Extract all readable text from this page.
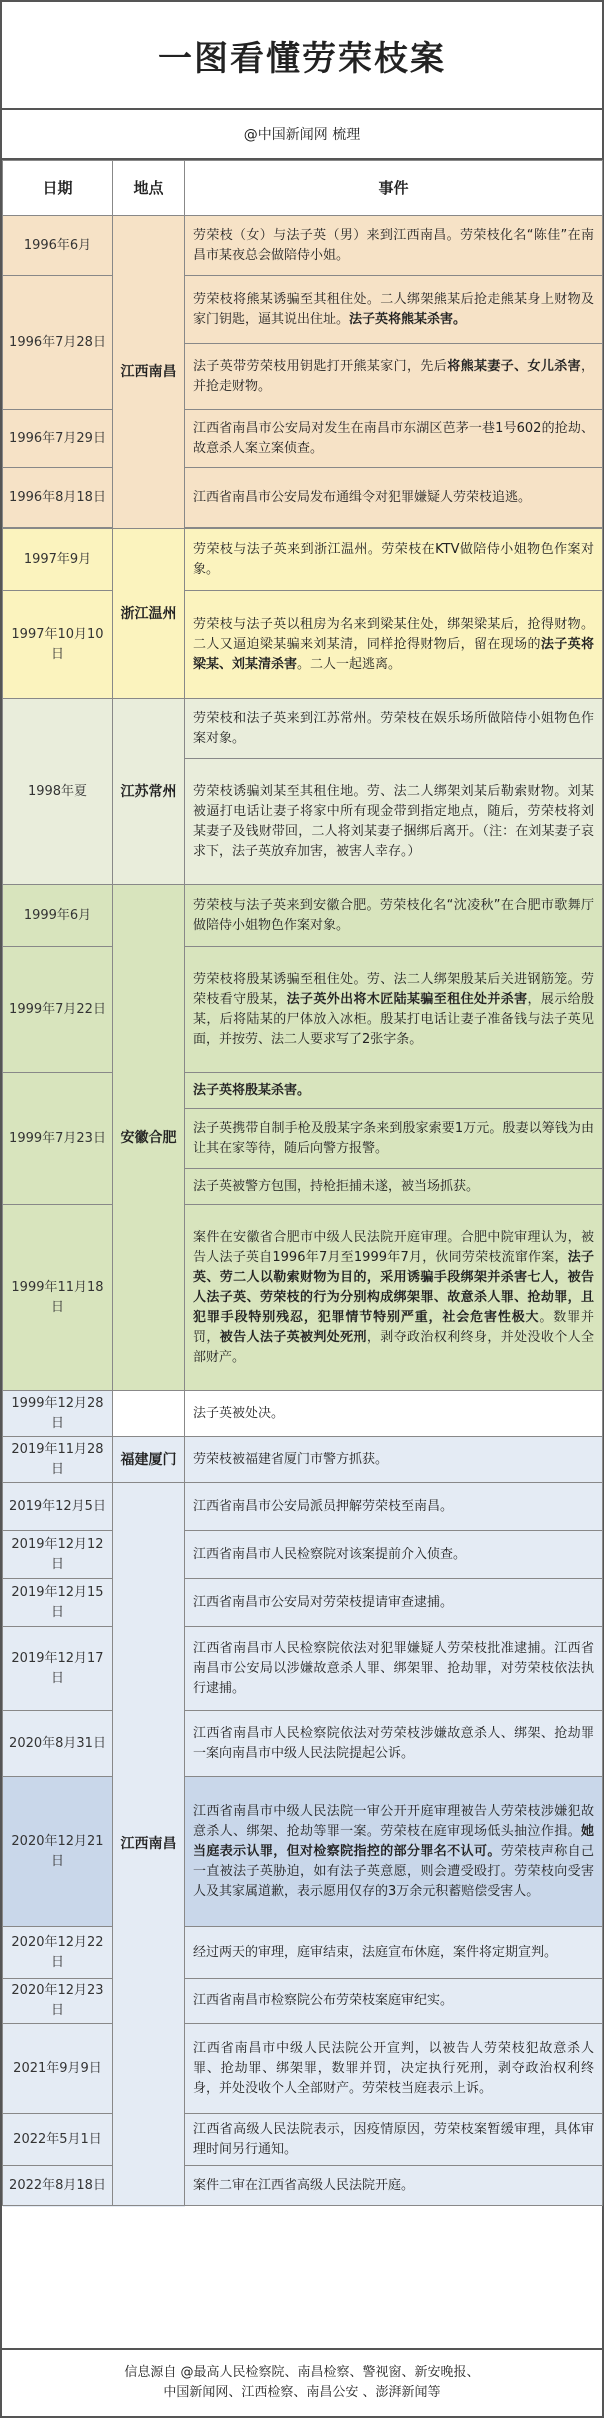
一图看懂劳荣枝案
@中国新闻网 梳理
日期	地点	事件
1996年6月	江西南昌	劳荣枝（女）与法子英（男）来到江西南昌。劳荣枝化名“陈佳”在南昌市某夜总会做陪侍小姐。
1996年7月28日		劳荣枝将熊某诱骗至其租住处。二人绑架熊某后抢走熊某身上财物及家门钥匙，逼其说出住址。法子英将熊某杀害。
		法子英带劳荣枝用钥匙打开熊某家门，先后将熊某妻子、女儿杀害，并抢走财物。
1996年7月29日		江西省南昌市公安局对发生在南昌市东湖区芭茅一巷1号602的抢劫、故意杀人案立案侦查。
1996年8月18日		江西省南昌市公安局发布通缉令对犯罪嫌疑人劳荣枝追逃。

1997年9月	浙江温州	劳荣枝与法子英来到浙江温州。劳荣枝在KTV做陪侍小姐物色作案对象。
1997年10月10日		劳荣枝与法子英以租房为名来到梁某住处，绑架梁某后，抢得财物。二人又逼迫梁某骗来刘某清，同样抢得财物后，留在现场的法子英将梁某、刘某清杀害。二人一起逃离。
1998年夏	江苏常州	劳荣枝和法子英来到江苏常州。劳荣枝在娱乐场所做陪侍小姐物色作案对象。
		劳荣枝诱骗刘某至其租住地。劳、法二人绑架刘某后勒索财物。刘某被逼打电话让妻子将家中所有现金带到指定地点，随后，劳荣枝将刘某妻子及钱财带回，二人将刘某妻子捆绑后离开。（注：在刘某妻子哀求下，法子英放弃加害，被害人幸存。）
1999年6月	安徽合肥	劳荣枝与法子英来到安徽合肥。劳荣枝化名“沈凌秋”在合肥市歌舞厅做陪侍小姐物色作案对象。
1999年7月22日		劳荣枝将殷某诱骗至租住处。劳、法二人绑架殷某后关进钢筋笼。劳荣枝看守殷某，法子英外出将木匠陆某骗至租住处并杀害，展示给殷某，后将陆某的尸体放入冰柜。殷某打电话让妻子准备钱与法子英见面，并按劳、法二人要求写了2张字条。
1999年7月23日		法子英将殷某杀害。
		法子英携带自制手枪及殷某字条来到殷家索要1万元。殷妻以筹钱为由让其在家等待，随后向警方报警。
		法子英被警方包围，持枪拒捕未遂，被当场抓获。
1999年11月18日		案件在安徽省合肥市中级人民法院开庭审理。合肥中院审理认为，被告人法子英自1996年7月至1999年7月，伙同劳荣枝流窜作案，法子英、劳二人以勒索财物为目的，采用诱骗手段绑架并杀害七人，被告人法子英、劳荣枝的行为分别构成绑架罪、故意杀人罪、抢劫罪，且犯罪手段特别残忍，犯罪情节特别严重，社会危害性极大。数罪并罚，被告人法子英被判处死刑，剥夺政治权利终身，并处没收个人全部财产。
1999年12月28日		法子英被处决。
2019年11月28日	福建厦门	劳荣枝被福建省厦门市警方抓获。
2019年12月5日	江西南昌	江西省南昌市公安局派员押解劳荣枝至南昌。
2019年12月12日		江西省南昌市人民检察院对该案提前介入侦查。
2019年12月15日		江西省南昌市公安局对劳荣枝提请审查逮捕。
2019年12月17日		江西省南昌市人民检察院依法对犯罪嫌疑人劳荣枝批准逮捕。江西省南昌市公安局以涉嫌故意杀人罪、绑架罪、抢劫罪，对劳荣枝依法执行逮捕。
2020年8月31日		江西省南昌市人民检察院依法对劳荣枝涉嫌故意杀人、绑架、抢劫罪一案向南昌市中级人民法院提起公诉。
2020年12月21日		江西省南昌市中级人民法院一审公开开庭审理被告人劳荣枝涉嫌犯故意杀人、绑架、抢劫等罪一案。劳荣枝在庭审现场低头抽泣作揖。她当庭表示认罪，但对检察院指控的部分罪名不认可。劳荣枝声称自己一直被法子英胁迫，如有法子英意愿，则会遭受殴打。劳荣枝向受害人及其家属道歉，表示愿用仅存的3万余元积蓄赔偿受害人。
2020年12月22日		经过两天的审理，庭审结束，法庭宣布休庭，案件将定期宣判。
2020年12月23日		江西省南昌市检察院公布劳荣枝案庭审纪实。
2021年9月9日		江西省南昌市中级人民法院公开宣判，以被告人劳荣枝犯故意杀人罪、抢劫罪、绑架罪，数罪并罚，决定执行死刑，剥夺政治权利终身，并处没收个人全部财产。劳荣枝当庭表示上诉。
2022年5月1日		江西省高级人民法院表示，因疫情原因，劳荣枝案暂缓审理，具体审理时间另行通知。
2022年8月18日		案件二审在江西省高级人民法院开庭。

信息源自 @最高人民检察院、南昌检察、警视窗、新安晚报、
中国新闻网、江西检察、南昌公安 、澎湃新闻等
